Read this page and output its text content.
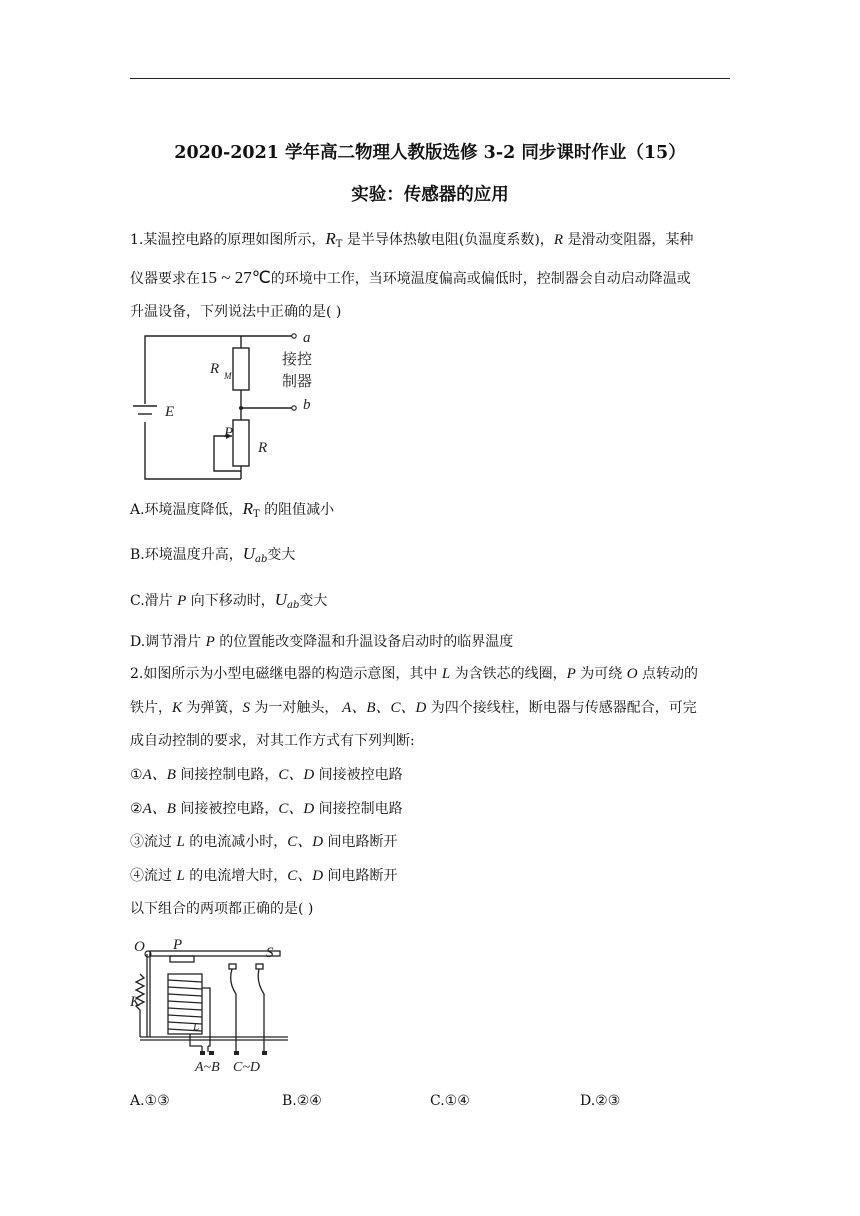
2020-2021 学年高二物理人教版选修 3-2 同步课时作业（15）
实验：传感器的应用
1.某温控电路的原理如图所示，$R_T$ 是半导体热敏电阻(负温度系数)，R 是滑动变阻器，某种
仪器要求在15 ~ 27℃的环境中工作，当环境温度偏高或偏低时，控制器会自动启动降温或
升温设备，下列说法中正确的是( )
a
b
R M
E
P
R
接控
制器
A.环境温度降低，$R_T$ 的阻值减小
B.环境温度升高，$U_{ab}$变大
C.滑片 P 向下移动时，$U_{ab}$变大
D.调节滑片 P 的位置能改变降温和升温设备启动时的临界温度
2.如图所示为小型电磁继电器的构造示意图，其中 L 为含铁芯的线圈，P 为可绕 O 点转动的
铁片，K 为弹簧，S 为一对触头， A、B、C、D 为四个接线柱，断电器与传感器配合，可完
成自动控制的要求，对其工作方式有下列判断:
①A、B 间接控制电路，C、D 间接被控电路
②A、B 间接被控电路，C、D 间接控制电路
③流过 L 的电流减小时，C、D 间电路断开
④流过 L 的电流增大时，C、D 间电路断开
以下组合的两项都正确的是( )
O P	S
K
L
A~B C~D
A.①③	B.②④	C.①④	D.②③
